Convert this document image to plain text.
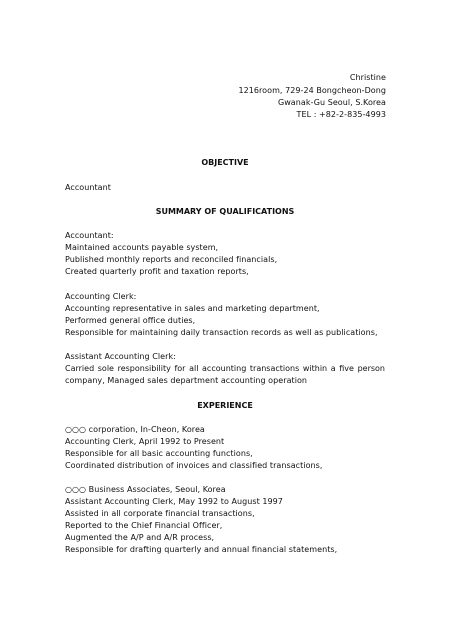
Christine
1216room, 729-24 Bongcheon-Dong
Gwanak-Gu Seoul, S.Korea
TEL : +82-2-835-4993
OBJECTIVE
Accountant
SUMMARY OF QUALIFICATIONS
Accountant:
Maintained accounts payable system,
Published monthly reports and reconciled financials,
Created quarterly profit and taxation reports,
Accounting Clerk:
Accounting representative in sales and marketing department,
Performed general office duties,
Responsible for maintaining daily transaction records as well as publications,
Assistant Accounting Clerk:
Carried sole responsibility for all accounting transactions within a five person
company, Managed sales department accounting operation
EXPERIENCE
○○○ corporation, In-Cheon, Korea
Accounting Clerk, April 1992 to Present
Responsible for all basic accounting functions,
Coordinated distribution of invoices and classified transactions,
○○○ Business Associates, Seoul, Korea
Assistant Accounting Clerk, May 1992 to August 1997
Assisted in all corporate financial transactions,
Reported to the Chief Financial Officer,
Augmented the A/P and A/R process,
Responsible for drafting quarterly and annual financial statements,
